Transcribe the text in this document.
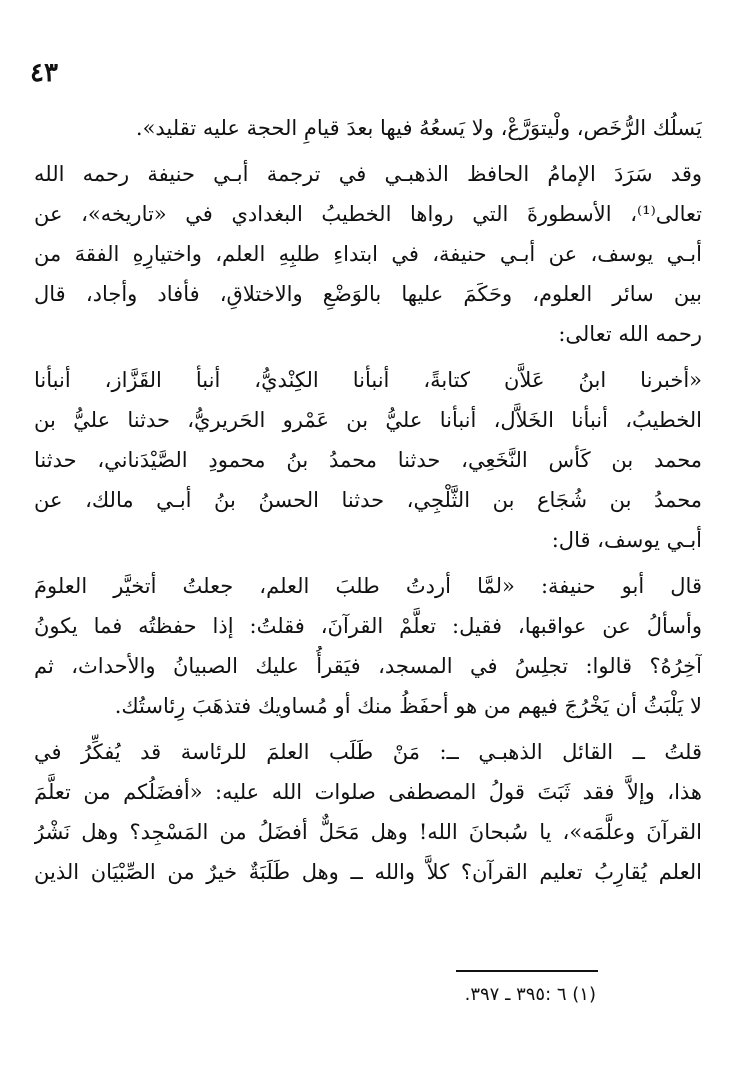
٤٣
يَسلُك الرُّخَص، ولْيتوَرَّعْ، ولا يَسعُهُ فيها بعدَ قيامِ الحجة عليه تقليد».
وقد سَرَدَ الإمامُ الحافظ الذهبـي في ترجمة أبـي حنيفة رحمه الله
تعالى⁽¹⁾، الأسطورةَ التي رواها الخطيبُ البغدادي في «تاريخه»، عن
أبـي يوسف، عن أبـي حنيفة، في ابتداءِ طلبِهِ العلم، واختيارِهِ الفقهَ من
بين سائر العلوم، وحَكَمَ عليها بالوَضْعِ والاختلاقِ، فأفاد وأجاد، قال
رحمه الله تعالى:
«أخبرنا ابنُ عَلاَّن كتابةً، أنبأنا الكِنْديُّ، أنبأ القَزَّاز، أنبأنا
الخطيبُ، أنبأنا الخَلاَّل، أنبأنا عليُّ بن عَمْرو الحَريريُّ، حدثنا عليُّ بن
محمد بن كَأس النَّخَعِي، حدثنا محمدُ بنُ محمودِ الصَّيْدَناني، حدثنا
محمدُ بن شُجَاع بن الثَّلْجِي، حدثنا الحسنُ بنُ أبـي مالك، عن
أبـي يوسف، قال:
قال أبو حنيفة: «لمَّا أردتُ طلبَ العلم، جعلتُ أتخيَّر العلومَ
وأسألُ عن عواقبها، فقيل: تعلَّمْ القرآنَ، فقلتُ: إذا حفظتُه فما يكونُ
آخِرُهُ؟ قالوا: تجلِسُ في المسجد، فيَقرأُ عليك الصبيانُ والأحداث، ثم
لا يَلْبَثُ أن يَخْرُجَ فيهم من هو أحفَظُ منك أو مُساويك فتذهَبَ رِئاستُك.
قلتُ ــ القائل الذهبـي ــ: مَنْ طَلَب العلمَ للرئاسة قد يُفكِّرُ في
هذا، وإلاَّ فقد ثَبَتَ قولُ المصطفى صلوات الله عليه: «أفضَلُكم من تعلَّمَ
القرآنَ وعلَّمَه»، يا سُبحانَ الله! وهل مَحَلٌّ أفضَلُ من المَسْجِد؟ وهل نَشْرُ
العلم يُقارِبُ تعليم القرآن؟ كلاَّ والله ــ وهل طَلَبَةٌ خيرٌ من الصِّبْيَان الذين
(١) ٦ :٣٩٥ ـ ٣٩٧.
